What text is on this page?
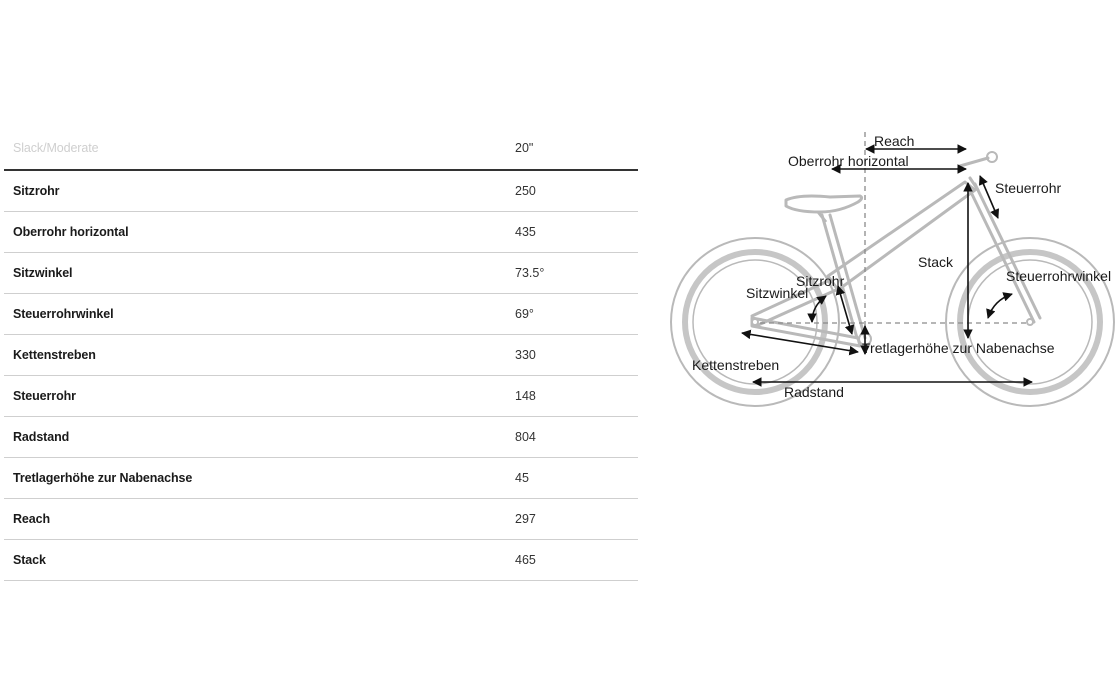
Slack/Moderate	20"
Sitzrohr	250
Oberrohr horizontal	435
Sitzwinkel	73.5°
Steuerrohrwinkel	69°
Kettenstreben	330
Steuerrohr	148
Radstand	804
Tretlagerhöhe zur Nabenachse	45
Reach	297
Stack	465
Reach
Oberrohr horizontal
Steuerrohr
Stack
Steuerrohrwinkel
Sitzrohr
Sitzwinkel
Tretlagerhöhe zur Nabenachse
Kettenstreben
Radstand
